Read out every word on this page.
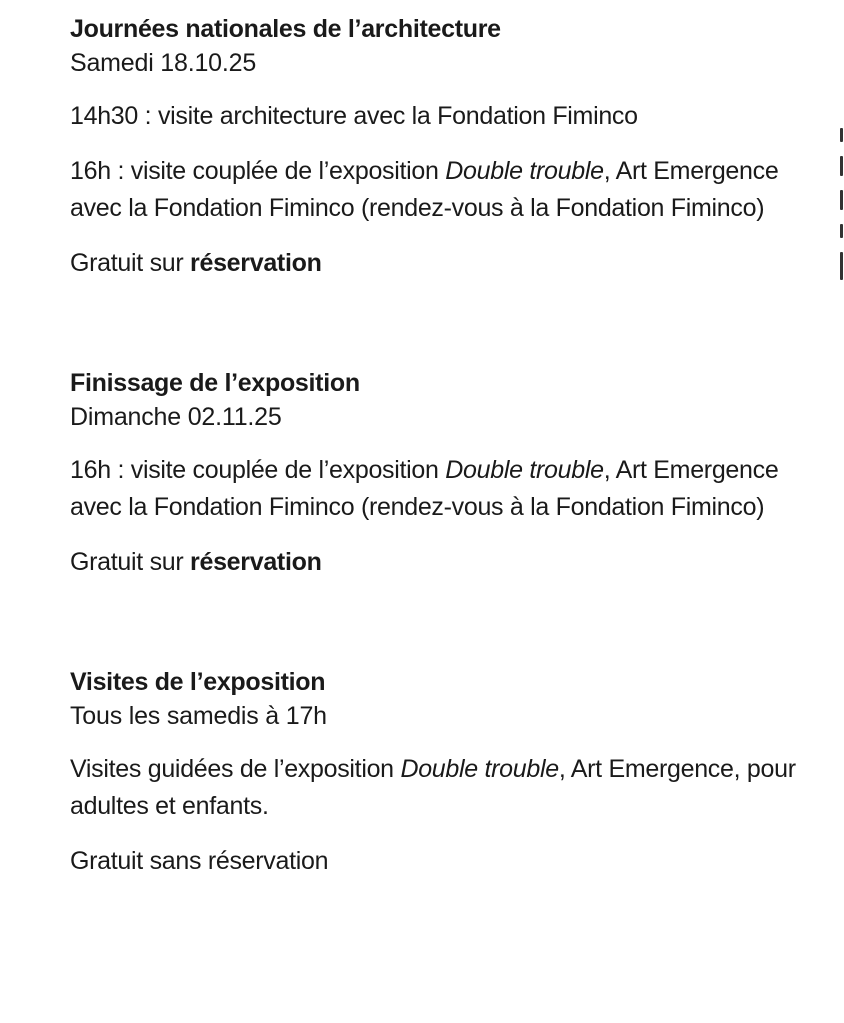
Journées nationales de l’architecture

Samedi 18.10.25

14h30 : visite architecture avec la Fondation Fiminco

16h : visite couplée de l’exposition Double trouble, Art Emergence avec la Fondation Fiminco (rendez-vous à la Fondation Fiminco)

Gratuit sur réservation

Finissage de l’exposition

Dimanche 02.11.25

16h : visite couplée de l’exposition Double trouble, Art Emergence avec la Fondation Fiminco (rendez-vous à la Fondation Fiminco)

Gratuit sur réservation

Visites de l’exposition

Tous les samedis à 17h

Visites guidées de l’exposition Double trouble, Art Emergence, pour adultes et enfants.

Gratuit sans réservation
